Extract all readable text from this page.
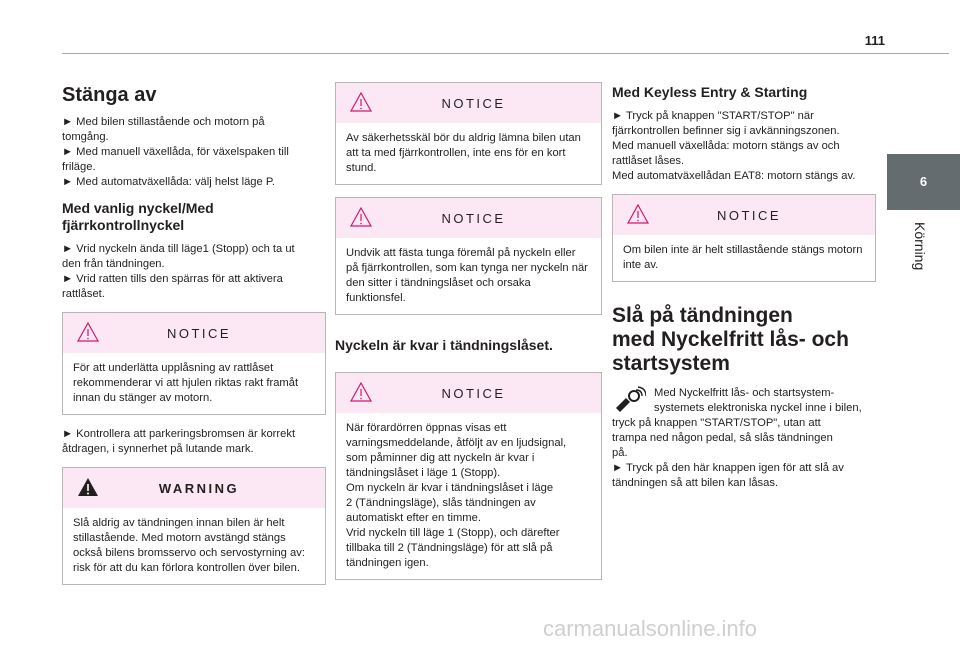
111
6
Körning
Stänga av

► Med bilen stillastående och motorn på

tomgång.

► Med manuell växellåda, för växelspaken till

friläge.

► Med automatväxellåda: välj helst läge P.

Med vanlig nyckel/Med fjärrkontrollnyckel

► Vrid nyckeln ända till läge1 (Stopp) och ta ut

den från tändningen.

► Vrid ratten tills den spärras för att aktivera

rattlåset.

NOTICE
För att underlätta upplåsning av rattlåset rekommenderar vi att hjulen riktas rakt framåt innan du stänger av motorn.

► Kontrollera att parkeringsbromsen är korrekt

åtdragen, i synnerhet på lutande mark.

WARNING
Slå aldrig av tändningen innan bilen är helt stillastående. Med motorn avstängd stängs också bilens bromsservo och servostyrning av: risk för att du kan förlora kontrollen över bilen.
NOTICE
Av säkerhetsskäl bör du aldrig lämna bilen utan att ta med fjärrkontrollen, inte ens för en kort stund.
NOTICE
Undvik att fästa tunga föremål på nyckeln eller på fjärrkontrollen, som kan tynga ner nyckeln när den sitter i tändningslåset och orsaka funktionsfel.
Nyckeln är kvar i tändningslåset.
NOTICE
När förardörren öppnas visas ett
varningsmeddelande, åtföljt av en ljudsignal,
som påminner dig att nyckeln är kvar i
tändningslåset i läge 1 (Stopp).
Om nyckeln är kvar i tändningslåset i läge
2 (Tändningsläge), slås tändningen av
automatiskt efter en timme.
Vrid nyckeln till läge 1 (Stopp), och därefter
tillbaka till 2 (Tändningsläge) för att slå på
tändningen igen.
Med Keyless Entry & Starting

► Tryck på knappen "START/STOP" när

fjärrkontrollen befinner sig i avkänningszonen.

Med manuell växellåda: motorn stängs av och

rattlåset låses.

Med automatväxellådan EAT8: motorn stängs av.

NOTICE
Om bilen inte är helt stillastående stängs motorn inte av.
Slå på tändningen
med Nyckelfritt lås- och
startsystem

Med Nyckelfritt lås- och startsystem-

systemets elektroniska nyckel inne i bilen,

tryck på knappen "START/STOP", utan att

trampa ned någon pedal, så slås tändningen

på.

► Tryck på den här knappen igen för att slå av

tändningen så att bilen kan låsas.

carmanualsonline.info
